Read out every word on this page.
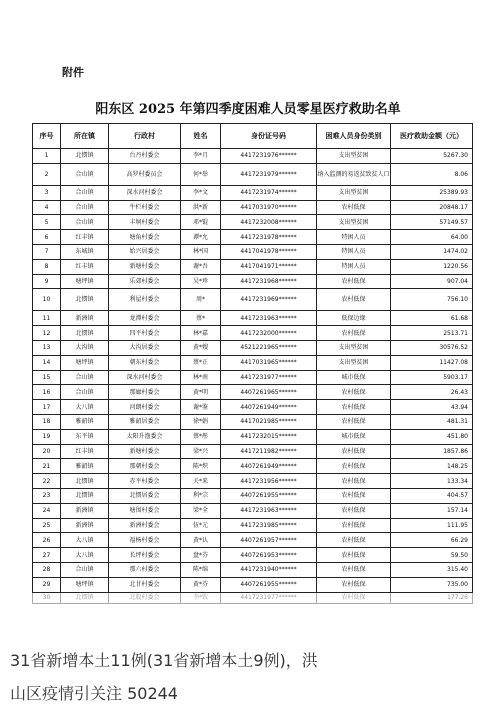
附件
阳东区 2025 年第四季度困难人员零星医疗救助名单
序号	所在镇	行政村	姓名	身份证号码	困难人员身份类别	医疗救助金额（元）
1	北惯镇	台丹村委会	李*月	4417231976******	支出型贫困	5267.30
2	合山镇	高罗村委员会	何*举	4417231979******	纳入监测的易返贫致贫人口	8.06
3	合山镇	深水河村委会	李*文	4417231974******	支出型贫困	25389.93
4	合山镇	牛栏村委会	洪*新	4417031970******	农村低保	20848.17
5	合山镇	丰垌村委会	邓*锟	4417232008******	支出型贫困	57149.57
6	红丰镇	塘角村委会	谭*允	4417231978******	特困人员	64.00
7	东城镇	始兴居委会	林*国	4417041978******	特困人员	1474.02
8	红丰镇	新塘村委会	谢*吾	4417041971******	特困人员	1220.56
9	塘坪镇	乐郊村委会	吴*珍	4417231968******	农村低保	907.04
10	北惯镇	利屋村委会	周*	4417231969******	农村低保	756.10
11	新洲镇	龙潭村委会	蔡*	4417231963******	低保边缘	61.68
12	北惯镇	四平村委会	林*嘉	4417232000******	农村低保	2513.71
13	大沟镇	大沟居委会	黄*嫂	4521221965******	支出型贫困	30576.52
14	塘坪镇	朝东村委会	蔡*正	4417031965******	支出型贫困	11427.08
15	合山镇	深水河村委会	林*南	4417231977******	城市低保	5903.17
16	合山镇	那廊村委会	黄*明	4407261965******	农村低保	26.43
17	大八镇	河朗村委会	谢*鉴	4407261949******	农村低保	43.94
18	雅韶镇	雅韶居委会	徐*娟	4417021985******	农村低保	481.31
19	东平镇	太阳升渔委会	蔡*彤	4417232015******	城市低保	451.80
20	红丰镇	新塘村委会	梁*兴	4417211982******	农村低保	1857.86
21	雅韶镇	那朝村委会	陈*炽	4407261949******	农村低保	148.25
22	北惯镇	赤平村委会	关*来	4417231956******	农村低保	133.34
23	北惯镇	北惯居委会	利*宗	4407261955******	农村低保	404.57
24	新洲镇	塘围村委会	梁*全	4417231963******	农村低保	157.14
25	新洲镇	新洲村委会	伍*元	4417231985******	农村低保	111.95
26	大八镇	福杨村委会	黄*认	4407261957******	农村低保	66.29
27	大八镇	长坪村委会	盘*芬	4407261953******	农村低保	59.50
28	合山镇	那六村委会	陈*绵	4417231940******	农村低保	315.40
29	塘坪镇	北甘村委会	黄*芬	4407261955******	农村低保	735.00
30	北惯镇	北股村委会	李*钦	4417231977******	农村低保	177.26
31省新增本土11例(31省新增本土9例)，洪
山区疫情引关注 50244
